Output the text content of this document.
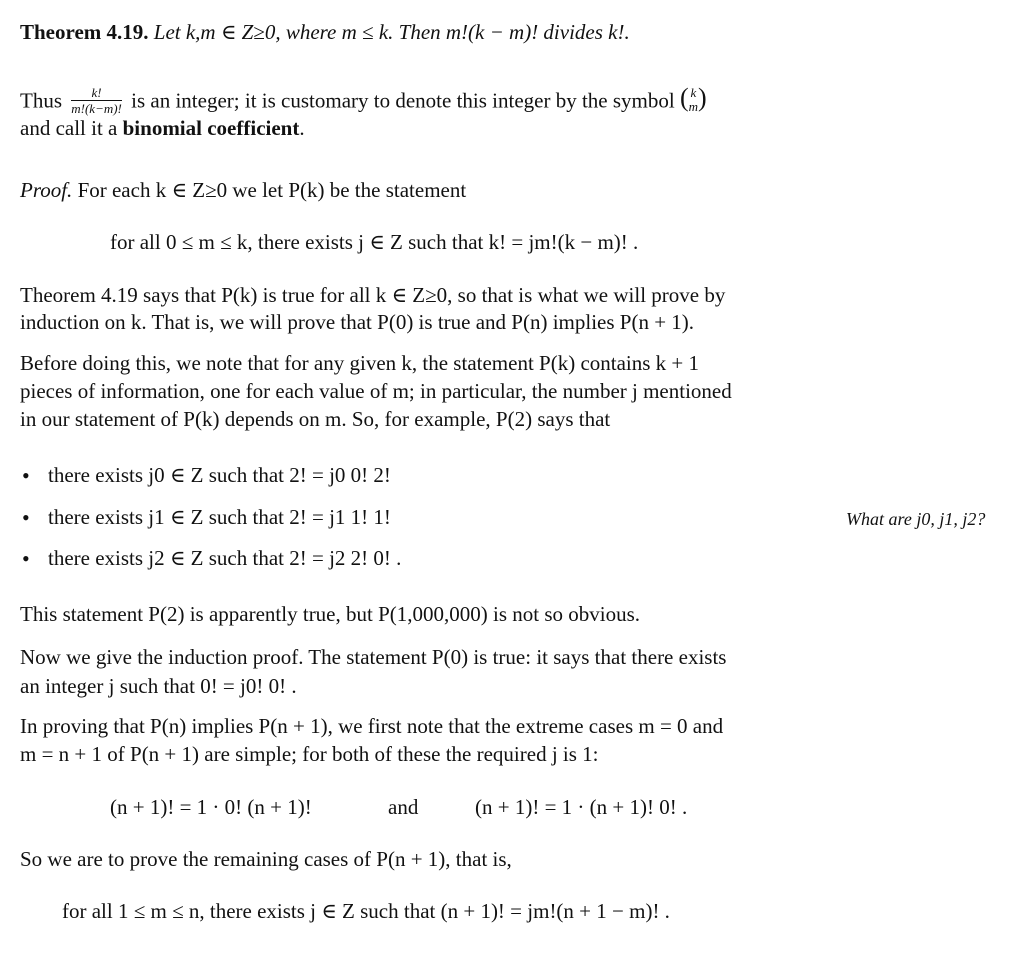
Theorem 4.19. Let k,m ∈ Z≥0, where m ≤ k. Then m!(k − m)! divides k!.
Thus $\frac{k!}{m!(k-m)!}$ is an integer; it is customary to denote this integer by the symbol ( k
m)
and call it a binomial coefficient.
Proof. For each k ∈ Z≥0 we let P(k) be the statement
for all 0 ≤ m ≤ k, there exists j ∈ Z such that k! = jm!(k − m)! .
Theorem 4.19 says that P(k) is true for all k ∈ Z≥0, so that is what we will prove by
induction on k. That is, we will prove that P(0) is true and P(n) implies P(n + 1).
Before doing this, we note that for any given k, the statement P(k) contains k + 1
pieces of information, one for each value of m; in particular, the number j mentioned
in our statement of P(k) depends on m. So, for example, P(2) says that
• there exists j0 ∈ Z such that 2! = j0 0! 2!
• there exists j1 ∈ Z such that 2! = j1 1! 1!
• there exists j2 ∈ Z such that 2! = j2 2! 0! .
What are j0, j1, j2?
This statement P(2) is apparently true, but P(1,000,000) is not so obvious.
Now we give the induction proof. The statement P(0) is true: it says that there exists
an integer j such that 0! = j0! 0! .
In proving that P(n) implies P(n + 1), we first note that the extreme cases m = 0 and
m = n + 1 of P(n + 1) are simple; for both of these the required j is 1:
(n + 1)! = 1 · 0! (n + 1)!	and	(n + 1)! = 1 · (n + 1)! 0! .
So we are to prove the remaining cases of P(n + 1), that is,
for all 1 ≤ m ≤ n, there exists j ∈ Z such that (n + 1)! = jm!(n + 1 − m)! .
